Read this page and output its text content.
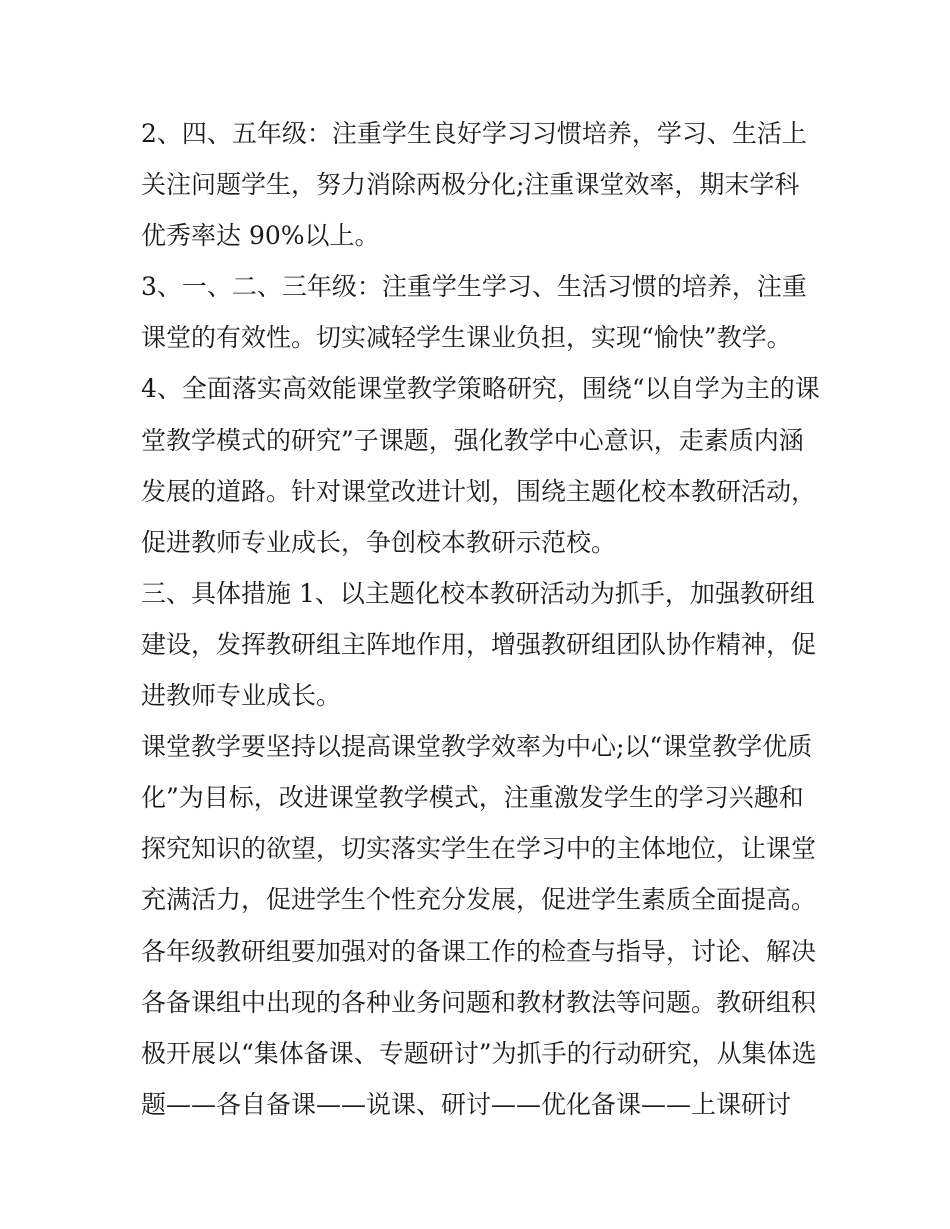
2、四、五年级：注重学生良好学习习惯培养，学习、生活上
关注问题学生，努力消除两极分化;注重课堂效率，期末学科
优秀率达 90%以上。
3、一、二、三年级：注重学生学习、生活习惯的培养，注重
课堂的有效性。切实减轻学生课业负担，实现“愉快”教学。
4、全面落实高效能课堂教学策略研究，围绕“以自学为主的课
堂教学模式的研究”子课题，强化教学中心意识，走素质内涵
发展的道路。针对课堂改进计划，围绕主题化校本教研活动，
促进教师专业成长，争创校本教研示范校。
三、具体措施 1、以主题化校本教研活动为抓手，加强教研组
建设，发挥教研组主阵地作用，增强教研组团队协作精神，促
进教师专业成长。
课堂教学要坚持以提高课堂教学效率为中心;以“课堂教学优质
化”为目标，改进课堂教学模式，注重激发学生的学习兴趣和
探究知识的欲望，切实落实学生在学习中的主体地位，让课堂
充满活力，促进学生个性充分发展，促进学生素质全面提高。
各年级教研组要加强对的备课工作的检查与指导，讨论、解决
各备课组中出现的各种业务问题和教材教法等问题。教研组积
极开展以“集体备课、专题研讨”为抓手的行动研究，从集体选
题——各自备课——说课、研讨——优化备课——上课研讨
